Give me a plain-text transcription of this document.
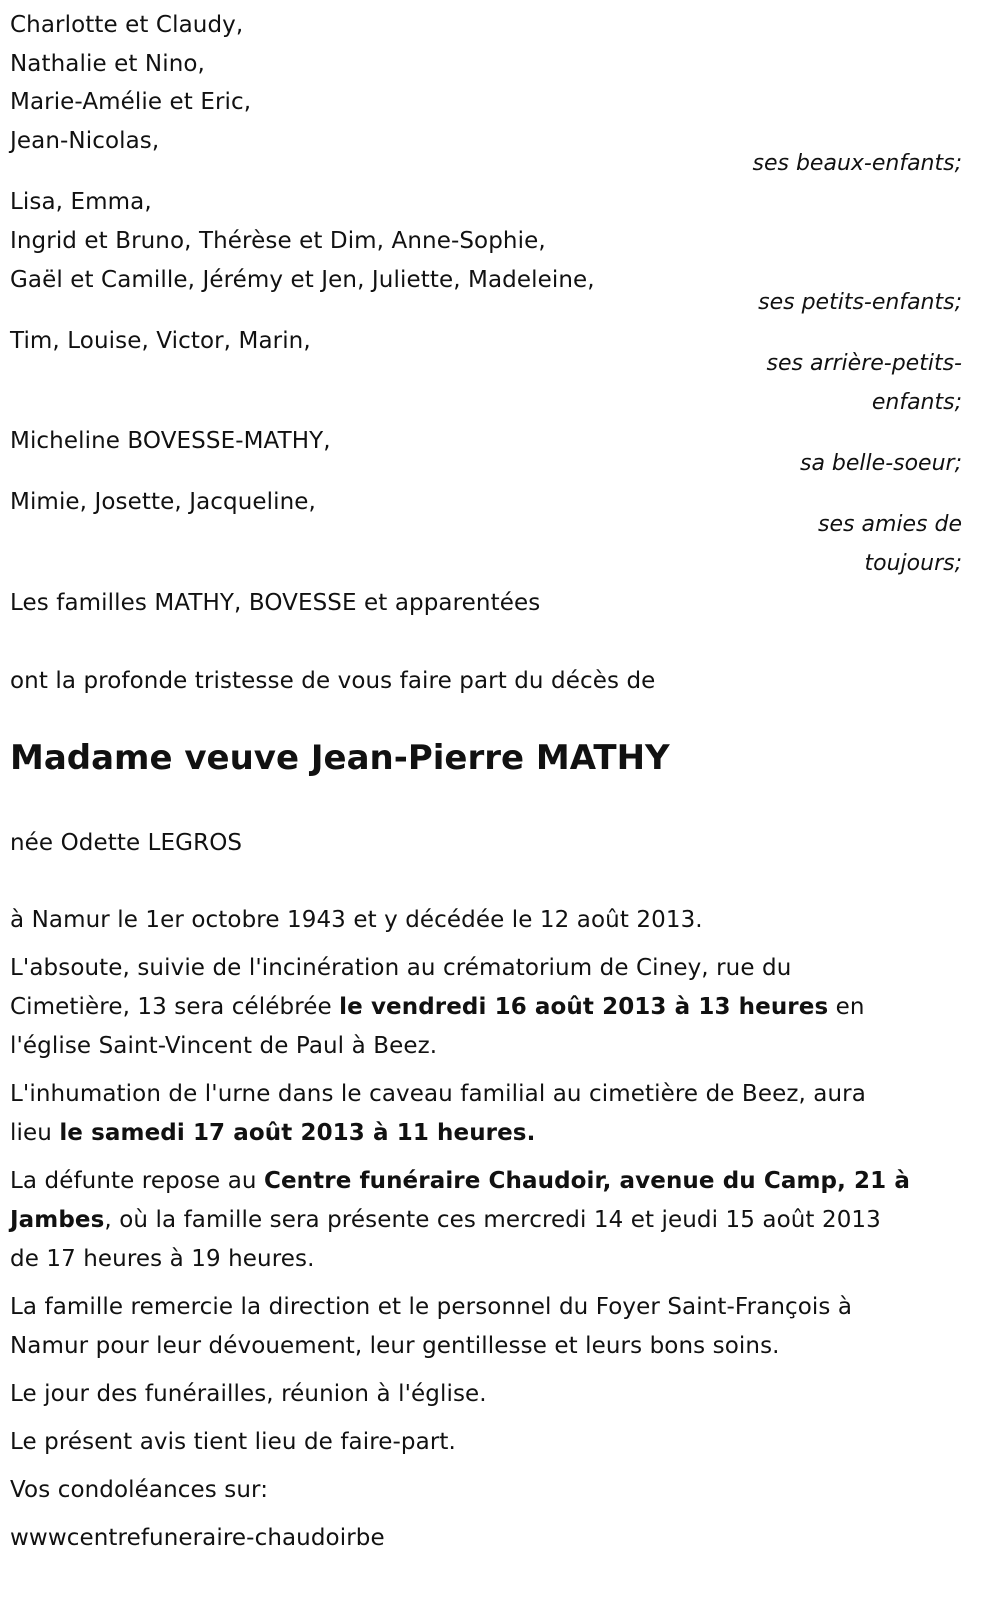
ont la profonde tristesse de vous faire part du décès de
Madame veuve Jean-Pierre MATHY
née Odette LEGROS
Charlotte et Claudy,
Nathalie et Nino,
Marie-Amélie et Eric,
Jean-Nicolas,
Lisa, Emma,
Ingrid et Bruno, Thérèse et Dim, Anne-Sophie,
Gaël et Camille, Jérémy et Jen, Juliette, Madeleine,
Tim, Louise, Victor, Marin,
Micheline BOVESSE-MATHY,
Mimie, Josette, Jacqueline,
Les familles MATHY, BOVESSE et apparentées
ses beaux-enfants;
ses petits-enfants;
ses arrière-petits-
enfants;
sa belle-soeur;
ses amies de
toujours;
à Namur le 1er octobre 1943 et y décédée le 12 août 2013.
L'absoute, suivie de l'incinération au crématorium de Ciney, rue du
Cimetière, 13 sera célébrée le vendredi 16 août 2013 à 13 heures en
l'église Saint-Vincent de Paul à Beez.
L'inhumation de l'urne dans le caveau familial au cimetière de Beez, aura
lieu le samedi 17 août 2013 à 11 heures.
La défunte repose au Centre funéraire Chaudoir, avenue du Camp, 21 à
Jambes, où la famille sera présente ces mercredi 14 et jeudi 15 août 2013
de 17 heures à 19 heures.
La famille remercie la direction et le personnel du Foyer Saint-François à
Namur pour leur dévouement, leur gentillesse et leurs bons soins.
Le jour des funérailles, réunion à l'église.
Le présent avis tient lieu de faire-part.
Vos condoléances sur:
wwwcentrefuneraire-chaudoirbe
